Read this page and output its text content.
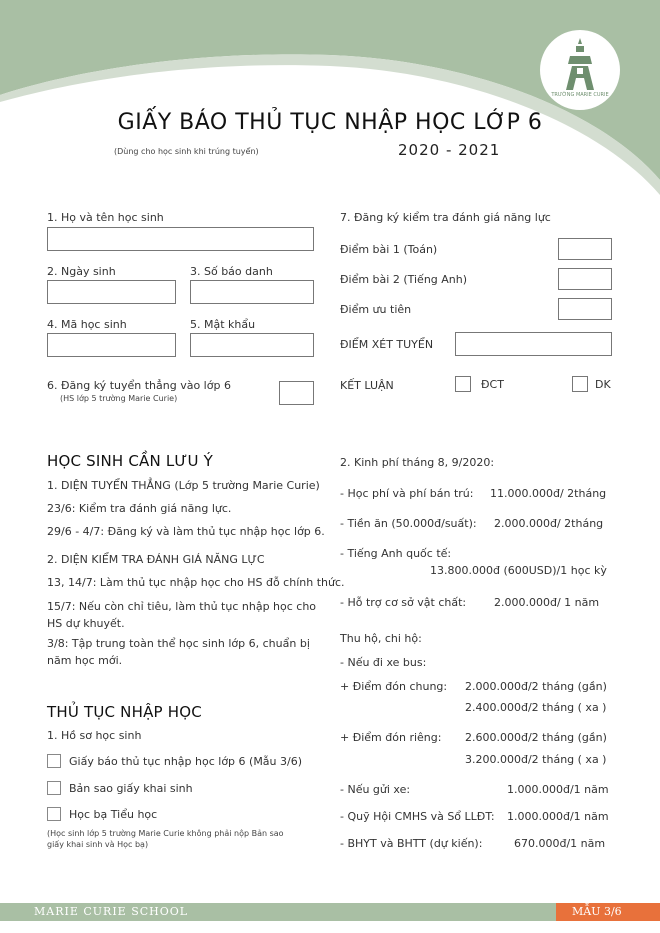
TRƯỜNG MARIE CURIE
GIẤY BÁO THỦ TỤC NHẬP HỌC LỚP 6
(Dùng cho học sinh khi trúng tuyển)	2020 - 2021
1. Họ và tên học sinh
2. Ngày sinh	3. Số báo danh
4. Mã học sinh	5. Mật khẩu
6. Đăng ký tuyển thẳng vào lớp 6
(HS lớp 5 trường Marie Curie)
7. Đăng ký kiểm tra đánh giá năng lực
Điểm bài 1 (Toán)
Điểm bài 2 (Tiếng Anh)
Điểm ưu tiên
ĐIỂM XÉT TUYỂN
KẾT LUẬN	ĐCT	DK
HỌC SINH CẦN LƯU Ý
1. DIỆN TUYỂN THẲNG (Lớp 5 trường Marie Curie)
23/6: Kiểm tra đánh giá năng lực.
29/6 - 4/7: Đăng ký và làm thủ tục nhập học lớp 6.
2. DIỆN KIỂM TRA ĐÁNH GIÁ NĂNG LỰC
13, 14/7: Làm thủ tục nhập học cho HS đỗ chính thức.
15/7: Nếu còn chỉ tiêu, làm thủ tục nhập học cho
HS dự khuyết.
3/8: Tập trung toàn thể học sinh lớp 6, chuẩn bị
năm học mới.
THỦ TỤC NHẬP HỌC
1. Hồ sơ học sinh
Giấy báo thủ tục nhập học lớp 6 (Mẫu 3/6)
Bản sao giấy khai sinh
Học bạ Tiểu học
(Học sinh lớp 5 trường Marie Curie không phải nộp Bản sao
giấy khai sinh và Học bạ)
2. Kinh phí tháng 8, 9/2020:
- Học phí và phí bán trú: 11.000.000đ/ 2tháng
- Tiền ăn (50.000đ/suất): 2.000.000đ/ 2tháng
- Tiếng Anh quốc tế:
13.800.000đ (600USD)/1 học kỳ
- Hỗ trợ cơ sở vật chất:	2.000.000đ/ 1 năm
Thu hộ, chi hộ:
- Nếu đi xe bus:
+ Điểm đón chung: 2.000.000đ/2 tháng (gần)
2.400.000đ/2 tháng ( xa )
+ Điểm đón riêng: 2.600.000đ/2 tháng (gần)
3.200.000đ/2 tháng ( xa )
- Nếu gửi xe:	1.000.000đ/1 năm
- Quỹ Hội CMHS và Sổ LLĐT: 1.000.000đ/1 năm
- BHYT và BHTT (dự kiến):	670.000đ/1 năm
MARIE CURIE SCHOOL	MẪU 3/6
